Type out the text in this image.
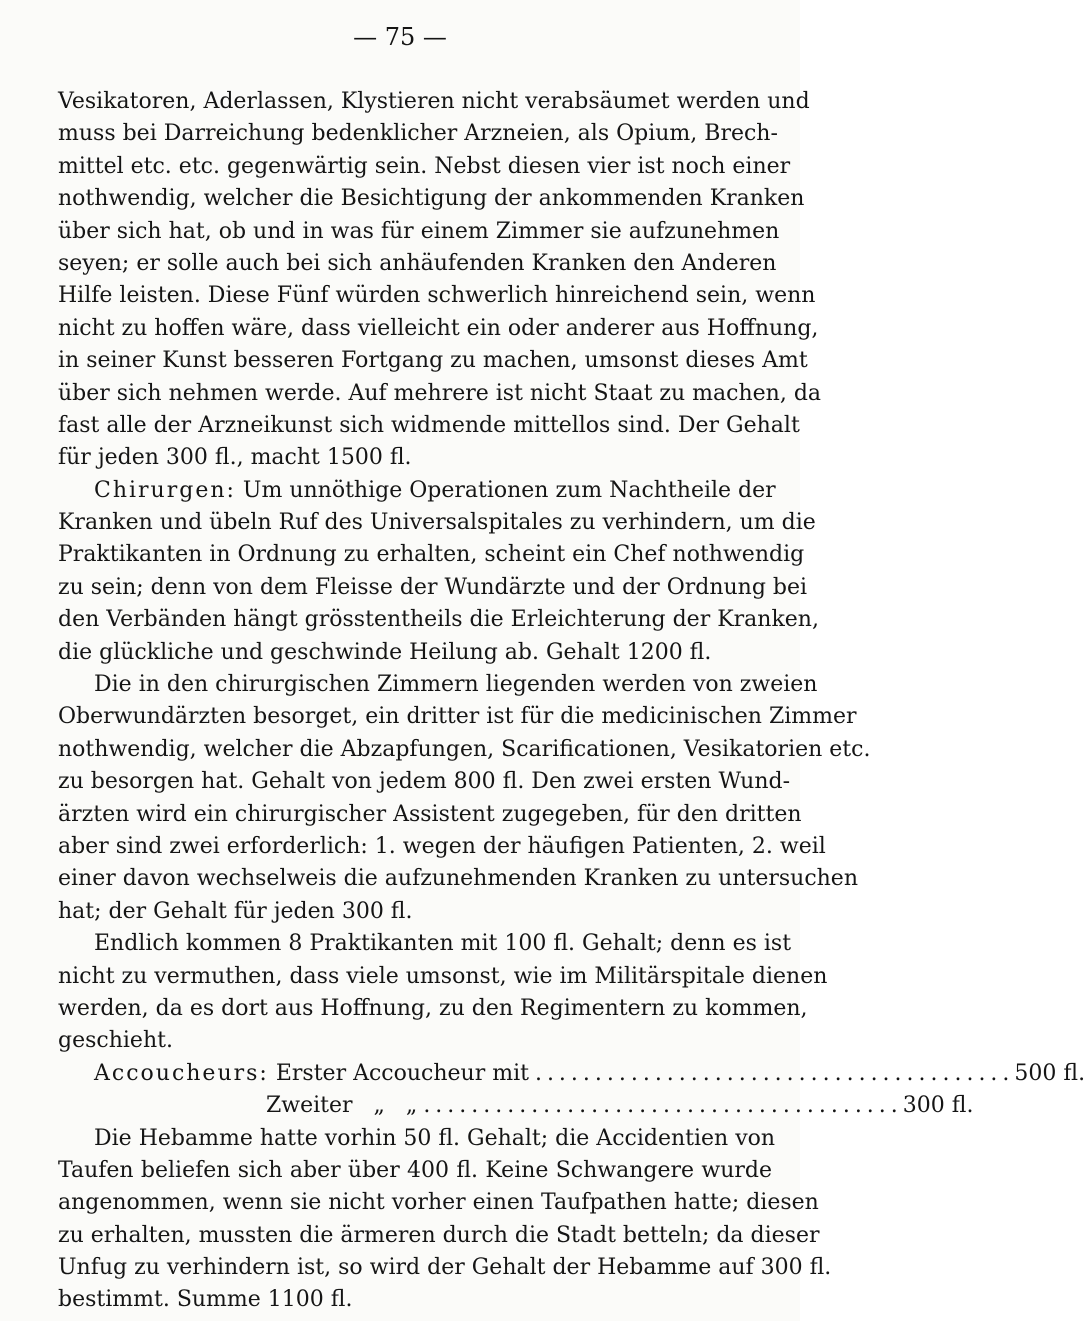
— 75 —
Vesikatoren, Aderlassen, Klystieren nicht verabsäumet werden und
muss bei Darreichung bedenklicher Arzneien, als Opium, Brech-
mittel etc. etc. gegenwärtig sein. Nebst diesen vier ist noch einer
nothwendig, welcher die Besichtigung der ankommenden Kranken
über sich hat, ob und in was für einem Zimmer sie aufzunehmen
seyen; er solle auch bei sich anhäufenden Kranken den Anderen
Hilfe leisten. Diese Fünf würden schwerlich hinreichend sein, wenn
nicht zu hoffen wäre, dass vielleicht ein oder anderer aus Hoffnung,
in seiner Kunst besseren Fortgang zu machen, umsonst dieses Amt
über sich nehmen werde. Auf mehrere ist nicht Staat zu machen, da
fast alle der Arzneikunst sich widmende mittellos sind. Der Gehalt
für jeden 300 fl., macht 1500 fl.
Chirurgen: Um unnöthige Operationen zum Nachtheile der
Kranken und übeln Ruf des Universalspitales zu verhindern, um die
Praktikanten in Ordnung zu erhalten, scheint ein Chef nothwendig
zu sein; denn von dem Fleisse der Wundärzte und der Ordnung bei
den Verbänden hängt grösstentheils die Erleichterung der Kranken,
die glückliche und geschwinde Heilung ab. Gehalt 1200 fl.
Die in den chirurgischen Zimmern liegenden werden von zweien
Oberwundärzten besorget, ein dritter ist für die medicinischen Zimmer
nothwendig, welcher die Abzapfungen, Scarificationen, Vesikatorien etc.
zu besorgen hat. Gehalt von jedem 800 fl. Den zwei ersten Wund-
ärzten wird ein chirurgischer Assistent zugegeben, für den dritten
aber sind zwei erforderlich: 1. wegen der häufigen Patienten, 2. weil
einer davon wechselweis die aufzunehmenden Kranken zu untersuchen
hat; der Gehalt für jeden 300 fl.
Endlich kommen 8 Praktikanten mit 100 fl. Gehalt; denn es ist
nicht zu vermuthen, dass viele umsonst, wie im Militärspitale dienen
werden, da es dort aus Hoffnung, zu den Regimentern zu kommen,
geschieht.
Accoucheurs: Erster Accoucheur mit . . .	500 fl.
Zweiter   „   „ . . .	300 fl.
Die Hebamme hatte vorhin 50 fl. Gehalt; die Accidentien von
Taufen beliefen sich aber über 400 fl. Keine Schwangere wurde
angenommen, wenn sie nicht vorher einen Taufpathen hatte; diesen
zu erhalten, mussten die ärmeren durch die Stadt betteln; da dieser
Unfug zu verhindern ist, so wird der Gehalt der Hebamme auf 300 fl.
bestimmt. Summe 1100 fl.
